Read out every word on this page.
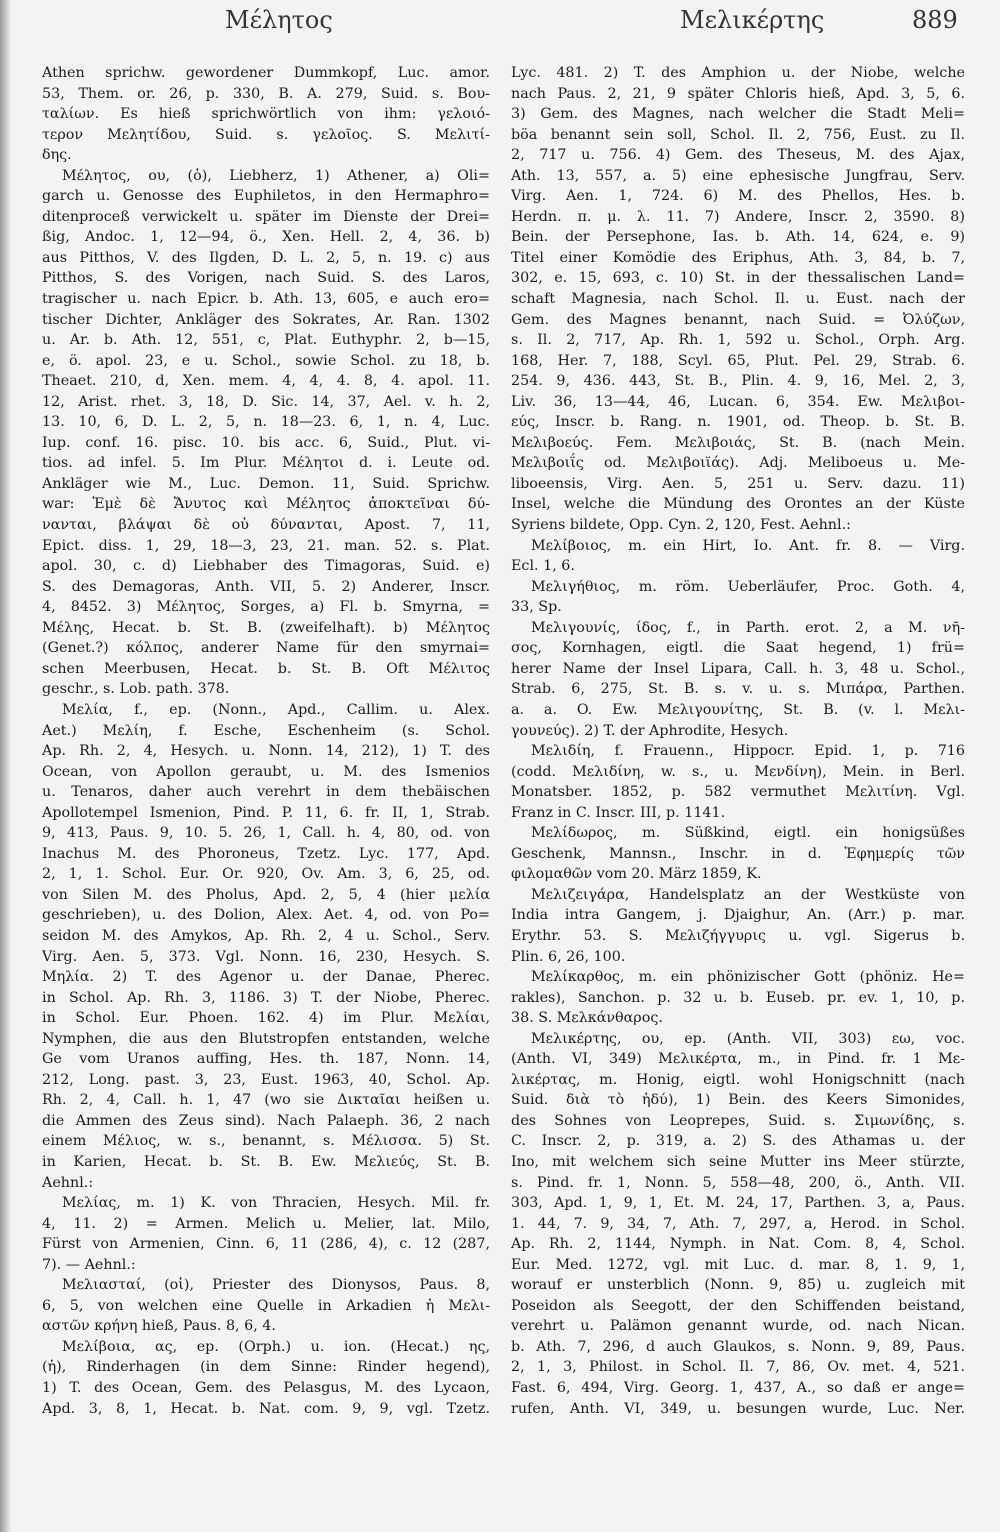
Μέλητος	Μελικέρτης	889
Athen sprichw. gewordener Dummkopf, Luc. amor.
53, Them. or. 26, p. 330, B. A. 279, Suid. s. Βου-
ταλίων. Es hieß sprichwörtlich von ihm: γελοιό-
τερον Μελητίδου, Suid. s. γελοῖος. S. Μελιτί-
δης.
Μέλητος, ου, (ὁ), Liebherz, 1) Athener, a) Oli=
garch u. Genosse des Euphiletos, in den Hermaphro=
ditenproceß verwickelt u. später im Dienste der Drei=
ßig, Andoc. 1, 12—94, ö., Xen. Hell. 2, 4, 36. b)
aus Pitthos, V. des Ilgden, D. L. 2, 5, n. 19. c) aus
Pitthos, S. des Vorigen, nach Suid. S. des Laros,
tragischer u. nach Epicr. b. Ath. 13, 605, e auch ero=
tischer Dichter, Ankläger des Sokrates, Ar. Ran. 1302
u. Ar. b. Ath. 12, 551, c, Plat. Euthyphr. 2, b—15,
e, ö. apol. 23, e u. Schol., sowie Schol. zu 18, b.
Theaet. 210, d, Xen. mem. 4, 4, 4. 8, 4. apol. 11.
12, Arist. rhet. 3, 18, D. Sic. 14, 37, Ael. v. h. 2,
13. 10, 6, D. L. 2, 5, n. 18—23. 6, 1, n. 4, Luc.
Iup. conf. 16. pisc. 10. bis acc. 6, Suid., Plut. vi-
tios. ad infel. 5. Im Plur. Μέλητοι d. i. Leute od.
Ankläger wie M., Luc. Demon. 11, Suid. Sprichw.
war: Ἐμὲ δὲ Ἄνυτος καὶ Μέλητος ἀποκτεῖναι δύ-
νανται, βλάψαι δὲ οὐ δύνανται, Apost. 7, 11,
Epict. diss. 1, 29, 18—3, 23, 21. man. 52. s. Plat.
apol. 30, c. d) Liebhaber des Timagoras, Suid. e)
S. des Demagoras, Anth. VII, 5. 2) Anderer, Inscr.
4, 8452. 3) Μέλητος, Sorges, a) Fl. b. Smyrna, =
Μέλης, Hecat. b. St. B. (zweifelhaft). b) Μέλητος
(Genet.?) κόλπος, anderer Name für den smyrnai=
schen Meerbusen, Hecat. b. St. B. Oft Μέλιτος
geschr., s. Lob. path. 378.
Μελία, f., ep. (Nonn., Apd., Callim. u. Alex.
Aet.) Μελίη, f. Esche, Eschenheim (s. Schol.
Ap. Rh. 2, 4, Hesych. u. Nonn. 14, 212), 1) T. des
Ocean, von Apollon geraubt, u. M. des Ismenios
u. Tenaros, daher auch verehrt in dem thebäischen
Apollotempel Ismenion, Pind. P. 11, 6. fr. II, 1, Strab.
9, 413, Paus. 9, 10. 5. 26, 1, Call. h. 4, 80, od. von
Inachus M. des Phoroneus, Tzetz. Lyc. 177, Apd.
2, 1, 1. Schol. Eur. Or. 920, Ov. Am. 3, 6, 25, od.
von Silen M. des Pholus, Apd. 2, 5, 4 (hier μελία
geschrieben), u. des Dolion, Alex. Aet. 4, od. von Po=
seidon M. des Amykos, Ap. Rh. 2, 4 u. Schol., Serv.
Virg. Aen. 5, 373. Vgl. Nonn. 16, 230, Hesych. S.
Μηλία. 2) T. des Agenor u. der Danae, Pherec.
in Schol. Ap. Rh. 3, 1186. 3) T. der Niobe, Pherec.
in Schol. Eur. Phoen. 162. 4) im Plur. Μελίαι,
Nymphen, die aus den Blutstropfen entstanden, welche
Ge vom Uranos auffing, Hes. th. 187, Nonn. 14,
212, Long. past. 3, 23, Eust. 1963, 40, Schol. Ap.
Rh. 2, 4, Call. h. 1, 47 (wo sie Δικταῖαι heißen u.
die Ammen des Zeus sind). Nach Palaeph. 36, 2 nach
einem Μέλιος, w. s., benannt, s. Μέλισσα. 5) St.
in Karien, Hecat. b. St. B. Ew. Μελιεύς, St. B.
Aehnl.:
Μελίας, m. 1) K. von Thracien, Hesych. Mil. fr.
4, 11. 2) = Armen. Melich u. Melier, lat. Milo,
Fürst von Armenien, Cinn. 6, 11 (286, 4), c. 12 (287,
7). — Aehnl.:
Μελιασταί, (οἱ), Priester des Dionysos, Paus. 8,
6, 5, von welchen eine Quelle in Arkadien ἡ Μελι-
αστῶν κρήνη hieß, Paus. 8, 6, 4.
Μελίβοια, ας, ep. (Orph.) u. ion. (Hecat.) ης,
(ἡ), Rinderhagen (in dem Sinne: Rinder hegend),
1) T. des Ocean, Gem. des Pelasgus, M. des Lycaon,
Apd. 3, 8, 1, Hecat. b. Nat. com. 9, 9, vgl. Tzetz.
Lyc. 481. 2) T. des Amphion u. der Niobe, welche
nach Paus. 2, 21, 9 später Chloris hieß, Apd. 3, 5, 6.
3) Gem. des Magnes, nach welcher die Stadt Meli=
böa benannt sein soll, Schol. Il. 2, 756, Eust. zu Il.
2, 717 u. 756. 4) Gem. des Theseus, M. des Ajax,
Ath. 13, 557, a. 5) eine ephesische Jungfrau, Serv.
Virg. Aen. 1, 724. 6) M. des Phellos, Hes. b.
Herdn. π. μ. λ. 11. 7) Andere, Inscr. 2, 3590. 8)
Bein. der Persephone, Ias. b. Ath. 14, 624, e. 9)
Titel einer Komödie des Eriphus, Ath. 3, 84, b. 7,
302, e. 15, 693, c. 10) St. in der thessalischen Land=
schaft Magnesia, nach Schol. Il. u. Eust. nach der
Gem. des Magnes benannt, nach Suid. = Ὀλύζων,
s. Il. 2, 717, Ap. Rh. 1, 592 u. Schol., Orph. Arg.
168, Her. 7, 188, Scyl. 65, Plut. Pel. 29, Strab. 6.
254. 9, 436. 443, St. B., Plin. 4. 9, 16, Mel. 2, 3,
Liv. 36, 13—44, 46, Lucan. 6, 354. Ew. Μελιβοι-
εύς, Inscr. b. Rang. n. 1901, od. Theop. b. St. B.
Μελιβοεύς. Fem. Μελιβοιάς, St. B. (nach Mein.
Μελιβοιΐς od. Μελιβοιϊάς). Adj. Meliboeus u. Me-
liboeensis, Virg. Aen. 5, 251 u. Serv. dazu. 11)
Insel, welche die Mündung des Orontes an der Küste
Syriens bildete, Opp. Cyn. 2, 120, Fest. Aehnl.:
Μελίβοιος, m. ein Hirt, Io. Ant. fr. 8. — Virg.
Ecl. 1, 6.
Μελιγήθιος, m. röm. Ueberläufer, Proc. Goth. 4,
33, Sp.
Μελιγουνίς, ίδος, f., in Parth. erot. 2, a Μ. νῆ-
σος, Kornhagen, eigtl. die Saat hegend, 1) frü=
herer Name der Insel Lipara, Call. h. 3, 48 u. Schol.,
Strab. 6, 275, St. B. s. v. u. s. Μιπάρα, Parthen.
a. a. O. Ew. Μελιγουνίτης, St. B. (v. l. Μελι-
γουνεύς). 2) T. der Aphrodite, Hesych.
Μελιδίη, f. Frauenn., Hippocr. Epid. 1, p. 716
(codd. Μελιδίνη, w. s., u. Μενδίνη), Mein. in Berl.
Monatsber. 1852, p. 582 vermuthet Μελιτίνη. Vgl.
Franz in C. Inscr. III, p. 1141.
Μελίδωρος, m. Süßkind, eigtl. ein honigsüßes
Geschenk, Mannsn., Inschr. in d. Ἐφημερίς τῶν
φιλομαθῶν vom 20. März 1859, K.
Μελιζειγάρα, Handelsplatz an der Westküste von
India intra Gangem, j. Djaighur, An. (Arr.) p. mar.
Erythr. 53. S. Μελιζήγγυρις u. vgl. Sigerus b.
Plin. 6, 26, 100.
Μελίκαρθος, m. ein phönizischer Gott (phöniz. He=
rakles), Sanchon. p. 32 u. b. Euseb. pr. ev. 1, 10, p.
38. S. Μελκάνθαρος.
Μελικέρτης, ου, ep. (Anth. VII, 303) εω, voc.
(Anth. VI, 349) Μελικέρτα, m., in Pind. fr. 1 Με-
λικέρτας, m. Honig, eigtl. wohl Honigschnitt (nach
Suid. διὰ τὸ ἡδύ), 1) Bein. des Keers Simonides,
des Sohnes von Leoprepes, Suid. s. Σιμωνίδης, s.
C. Inscr. 2, p. 319, a. 2) S. des Athamas u. der
Ino, mit welchem sich seine Mutter ins Meer stürzte,
s. Pind. fr. 1, Nonn. 5, 558—48, 200, ö., Anth. VII.
303, Apd. 1, 9, 1, Et. M. 24, 17, Parthen. 3, a, Paus.
1. 44, 7. 9, 34, 7, Ath. 7, 297, a, Herod. in Schol.
Ap. Rh. 2, 1144, Nymph. in Nat. Com. 8, 4, Schol.
Eur. Med. 1272, vgl. mit Luc. d. mar. 8, 1. 9, 1,
worauf er unsterblich (Nonn. 9, 85) u. zugleich mit
Poseidon als Seegott, der den Schiffenden beistand,
verehrt u. Palämon genannt wurde, od. nach Nican.
b. Ath. 7, 296, d auch Glaukos, s. Nonn. 9, 89, Paus.
2, 1, 3, Philost. in Schol. Il. 7, 86, Ov. met. 4, 521.
Fast. 6, 494, Virg. Georg. 1, 437, A., so daß er ange=
rufen, Anth. VI, 349, u. besungen wurde, Luc. Ner.
